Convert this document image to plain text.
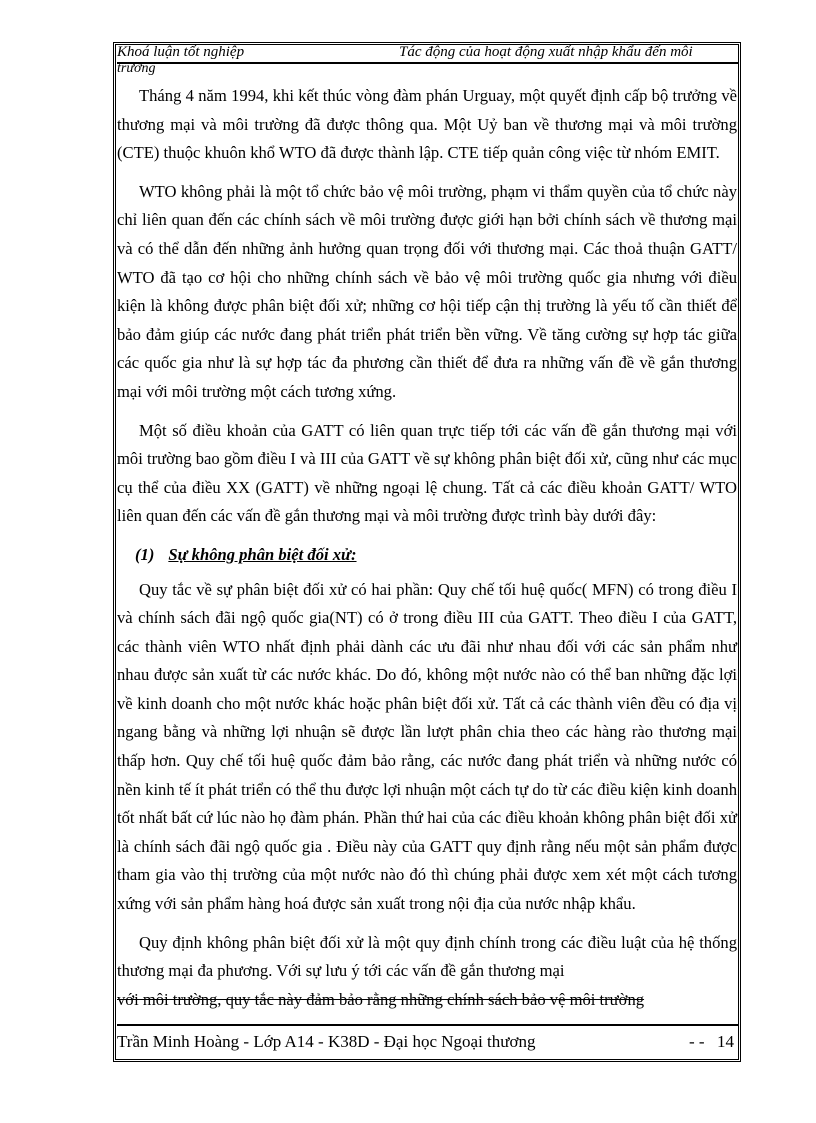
Khoá luận tốt nghiệp	Tác động của hoạt động xuất nhập khẩu đến môi
trường

Tháng 4 năm 1994, khi kết thúc vòng đàm phán Urguay, một quyết định cấp bộ trưởng về thương mại và môi trường đã được thông qua. Một Uỷ ban về thương mại và môi trường (CTE) thuộc khuôn khổ WTO đã được thành lập. CTE tiếp quản công việc từ nhóm EMIT.

WTO không phải là một tổ chức bảo vệ môi trường, phạm vi thẩm quyền của tổ chức này chỉ liên quan đến các chính sách về môi trường được giới hạn bởi chính sách về thương mại và có thể dẫn đến những ảnh hưởng quan trọng đối với thương mại. Các thoả thuận GATT/ WTO đã tạo cơ hội cho những chính sách về bảo vệ môi trường quốc gia nhưng với điều kiện là không được phân biệt đối xử; những cơ hội tiếp cận thị trường là yếu tố cần thiết để bảo đảm giúp các nước đang phát triển phát triển bền vững. Về tăng cường sự hợp tác giữa các quốc gia như là sự hợp tác đa phương cần thiết để đưa ra những vấn đề về gắn thương mại với môi trường một cách tương xứng.

Một số điều khoản của GATT có liên quan trực tiếp tới các vấn đề gắn thương mại với môi trường bao gồm điều I và III của GATT về sự không phân biệt đối xử, cũng như các mục cụ thể của điều XX (GATT) về những ngoại lệ chung. Tất cả các điều khoản GATT/ WTO liên quan đến các vấn đề gắn thương mại và môi trường được trình bày dưới đây:

(1) Sự không phân biệt đối xử:

Quy tắc về sự phân biệt đối xử có hai phần: Quy chế tối huệ quốc( MFN) có trong điều I và chính sách đãi ngộ quốc gia(NT) có ở trong điều III của GATT. Theo điều I của GATT, các thành viên WTO nhất định phải dành các ưu đãi như nhau đối với các sản phẩm như nhau được sản xuất từ các nước khác. Do đó, không một nước nào có thể ban những đặc lợi về kinh doanh cho một nước khác hoặc phân biệt đối xử. Tất cả các thành viên đều có địa vị ngang bằng và những lợi nhuận sẽ được lần lượt phân chia theo các hàng rào thương mại thấp hơn. Quy chế tối huệ quốc đảm bảo rằng, các nước đang phát triển và những nước có nền kinh tế ít phát triển có thể thu được lợi nhuận một cách tự do từ các điều kiện kinh doanh tốt nhất bất cứ lúc nào họ đàm phán. Phần thứ hai của các điều khoản không phân biệt đối xử là chính sách đãi ngộ quốc gia . Điều này của GATT quy định rằng nếu một sản phẩm được tham gia vào thị trường của một nước nào đó thì chúng phải được xem xét một cách tương xứng với sản phẩm hàng hoá được sản xuất trong nội địa của nước nhập khẩu.

Quy định không phân biệt đối xử là một quy định chính trong các điều luật của hệ thống thương mại đa phương. Với sự lưu ý tới các vấn đề gắn thương mại

với môi trường, quy tắc này đảm bảo rằng những chính sách bảo vệ môi trường

Trần Minh Hoàng - Lớp A14 - K38D - Đại học Ngoại thương	- - 14
